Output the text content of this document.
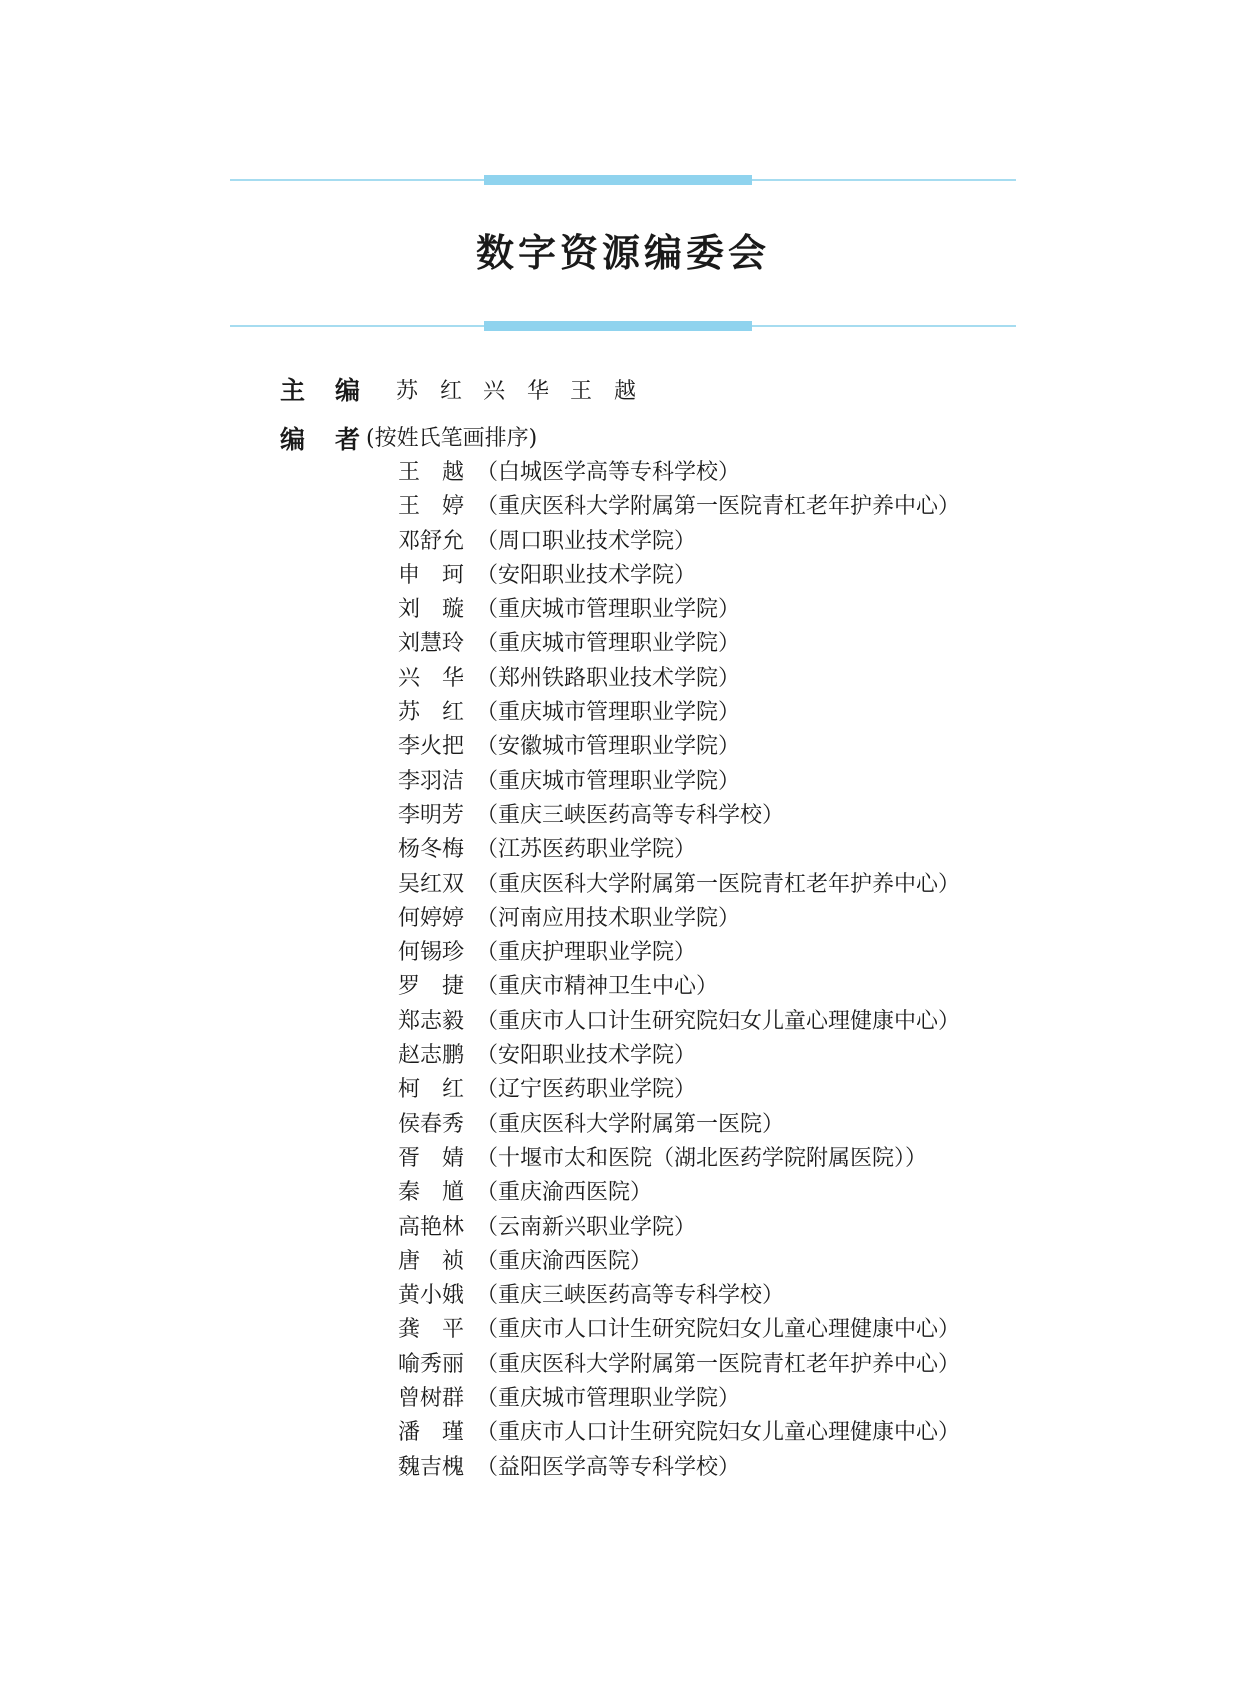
数字资源编委会
主 编 苏　红 兴　华 王　越
编 者 (按姓氏笔画排序)
王　越 （白城医学高等专科学校）
王　婷 （重庆医科大学附属第一医院青杠老年护养中心）
邓舒允 （周口职业技术学院）
申　珂 （安阳职业技术学院）
刘　璇 （重庆城市管理职业学院）
刘慧玲 （重庆城市管理职业学院）
兴　华 （郑州铁路职业技术学院）
苏　红 （重庆城市管理职业学院）
李火把 （安徽城市管理职业学院）
李羽洁 （重庆城市管理职业学院）
李明芳 （重庆三峡医药高等专科学校）
杨冬梅 （江苏医药职业学院）
吴红双 （重庆医科大学附属第一医院青杠老年护养中心）
何婷婷 （河南应用技术职业学院）
何锡珍 （重庆护理职业学院）
罗　捷 （重庆市精神卫生中心）
郑志毅 （重庆市人口计生研究院妇女儿童心理健康中心）
赵志鹏 （安阳职业技术学院）
柯　红 （辽宁医药职业学院）
侯春秀 （重庆医科大学附属第一医院）
胥　婧 （十堰市太和医院（湖北医药学院附属医院））
秦　馗 （重庆渝西医院）
高艳林 （云南新兴职业学院）
唐　祯 （重庆渝西医院）
黄小娥 （重庆三峡医药高等专科学校）
龚　平 （重庆市人口计生研究院妇女儿童心理健康中心）
喻秀丽 （重庆医科大学附属第一医院青杠老年护养中心）
曾树群 （重庆城市管理职业学院）
潘　瑾 （重庆市人口计生研究院妇女儿童心理健康中心）
魏吉槐 （益阳医学高等专科学校）
